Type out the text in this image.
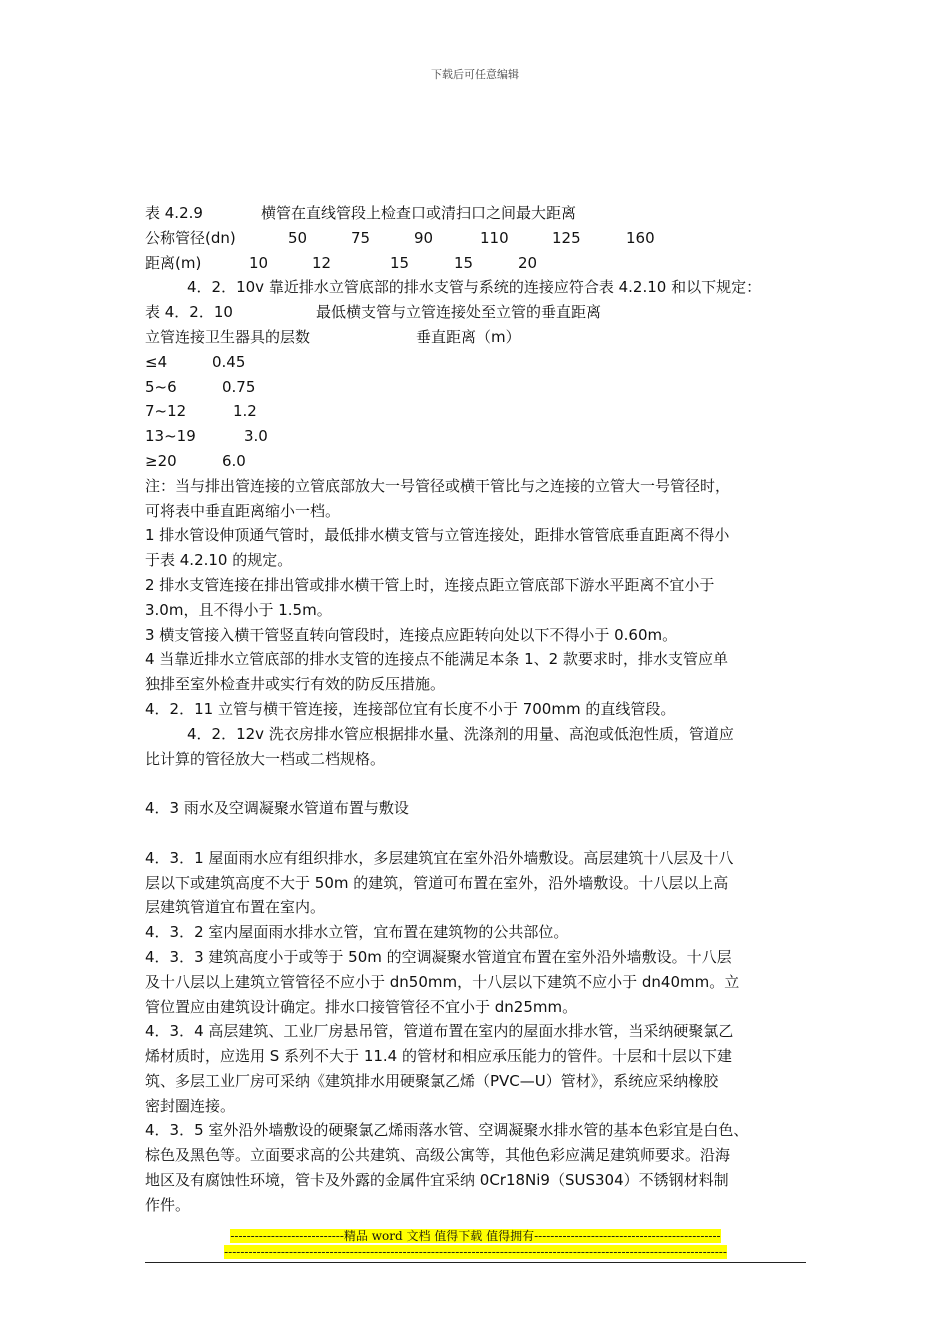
下载后可任意编辑

表 4.2.9	横管在直线管段上检查口或清扫口之间最大距离

公称管径(dn)	50	75	90	110	125	160

距离(m)	10	12	15	15	20

4．2．10v 靠近排水立管底部的排水支管与系统的连接应符合表 4.2.10 和以下规定：

表 4．2．10	最低横支管与立管连接处至立管的垂直距离

立管连接卫生器具的层数	垂直距离（m）

≤4	0.45

5~6	0.75

7~12	1.2

13~19	3.0

≥20	6.0

注：当与排出管连接的立管底部放大一号管径或横干管比与之连接的立管大一号管径时，

可将表中垂直距离缩小一档。

1 排水管设伸顶通气管时，最低排水横支管与立管连接处，距排水管管底垂直距离不得小

于表 4.2.10 的规定。

2 排水支管连接在排出管或排水横干管上时，连接点距立管底部下游水平距离不宜小于

3.0m，且不得小于 1.5m。

3 横支管接入横干管竖直转向管段时，连接点应距转向处以下不得小于 0.60m。

4 当靠近排水立管底部的排水支管的连接点不能满足本条 1、2 款要求时，排水支管应单

独排至室外检查井或实行有效的防反压措施。

4．2．11 立管与横干管连接，连接部位宜有长度不小于 700mm 的直线管段。

4．2．12v 洗衣房排水管应根据排水量、洗涤剂的用量、高泡或低泡性质，管道应

比计算的管径放大一档或二档规格。

4．3 雨水及空调凝聚水管道布置与敷设

4．3．1 屋面雨水应有组织排水，多层建筑宜在室外沿外墙敷设。高层建筑十八层及十八

层以下或建筑高度不大于 50m 的建筑，管道可布置在室外，沿外墙敷设。十八层以上高

层建筑管道宜布置在室内。

4．3．2 室内屋面雨水排水立管，宜布置在建筑物的公共部位。

4．3．3 建筑高度小于或等于 50m 的空调凝聚水管道宜布置在室外沿外墙敷设。十八层

及十八层以上建筑立管管径不应小于 dn50mm，十八层以下建筑不应小于 dn40mm。立

管位置应由建筑设计确定。排水口接管管径不宜小于 dn25mm。

4．3．4 高层建筑、工业厂房悬吊管，管道布置在室内的屋面水排水管，当采纳硬聚氯乙

烯材质时，应选用 S 系列不大于 11.4 的管材和相应承压能力的管件。十层和十层以下建

筑、多层工业厂房可采纳《建筑排水用硬聚氯乙烯（PVC—U）管材》，系统应采纳橡胶

密封圈连接。

4．3．5 室外沿外墙敷设的硬聚氯乙烯雨落水管、空调凝聚水排水管的基本色彩宜是白色、

棕色及黑色等。立面要求高的公共建筑、高级公寓等，其他色彩应满足建筑师要求。沿海

地区及有腐蚀性环境，管卡及外露的金属件宜采纳 0Cr18Ni9（SUS304）不锈钢材料制

作件。

----------------------------精品 word 文档 值得下载 值得拥有----------------------------------------------
----------------------------------------------------------------------------------------------------------------------------
